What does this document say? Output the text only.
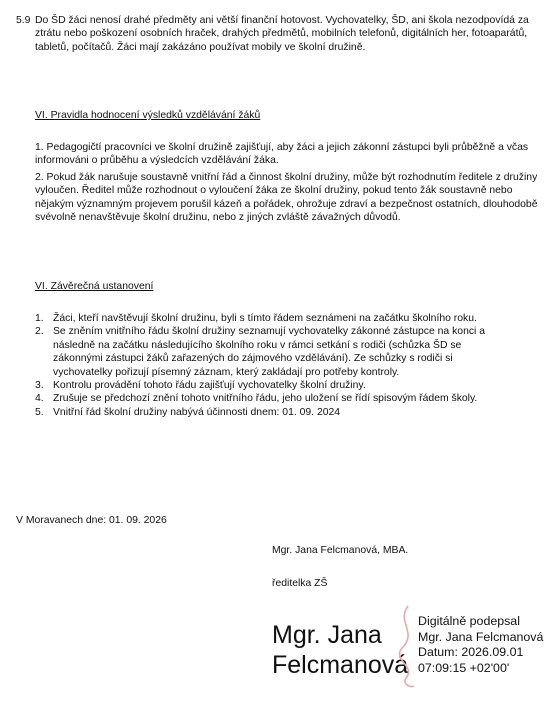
5.9 Do ŠD žáci nenosí drahé předměty ani větší finanční hotovost. Vychovatelky, ŠD, ani škola nezodpovídá za ztrátu nebo poškození osobních hraček, drahých předmětů, mobilních telefonů, digitálních her, fotoaparátů, tabletů, počítačů. Žáci mají zakázáno používat mobily ve školní družině.
VI. Pravidla hodnocení výsledků vzdělávání žáků
1. Pedagogičtí pracovníci ve školní družině zajišťují, aby žáci a jejich zákonní zástupci byli průběžně a včas informováni o průběhu a výsledcích vzdělávání žáka.
2. Pokud žák narušuje soustavně vnitřní řád a činnost školní družiny, může být rozhodnutím ředitele z družiny vyloučen. Ředitel může rozhodnout o vyloučení žáka ze školní družiny, pokud tento žák soustavně nebo nějakým významným projevem porušil kázeň a pořádek, ohrožuje zdraví a bezpečnost ostatních, dlouhodobě svévolně nenavštěvuje školní družinu, nebo z jiných zvláště závažných důvodů.
VI. Závěrečná ustanovení
1. Žáci, kteří navštěvují školní družinu, byli s tímto řádem seznámeni na začátku školního roku.
2. Se zněním vnitřního řádu školní družiny seznamují vychovatelky zákonné zástupce na konci a následně na začátku následujícího školního roku v rámci setkání s rodiči (schůzka ŠD se zákonnými zástupci žáků zařazených do zájmového vzdělávání). Ze schůzky s rodiči si vychovatelky pořizují písemný záznam, který zakládají pro potřeby kontroly.
3. Kontrolu provádění tohoto řádu zajišťují vychovatelky školní družiny.
4. Zrušuje se předchozí znění tohoto vnitřního řádu, jeho uložení se řídí spisovým řádem školy.
5. Vnitřní řád školní družiny nabývá účinnosti dnem: 01. 09. 2024
V Moravanech dne: 01. 09. 2026
Mgr. Jana Felcmanová, MBA.
ředitelka ZŠ
Mgr. Jana
Felcmanová
Digitálně podepsal
Mgr. Jana Felcmanová
Datum: 2026.09.01
07:09:15 +02'00'
